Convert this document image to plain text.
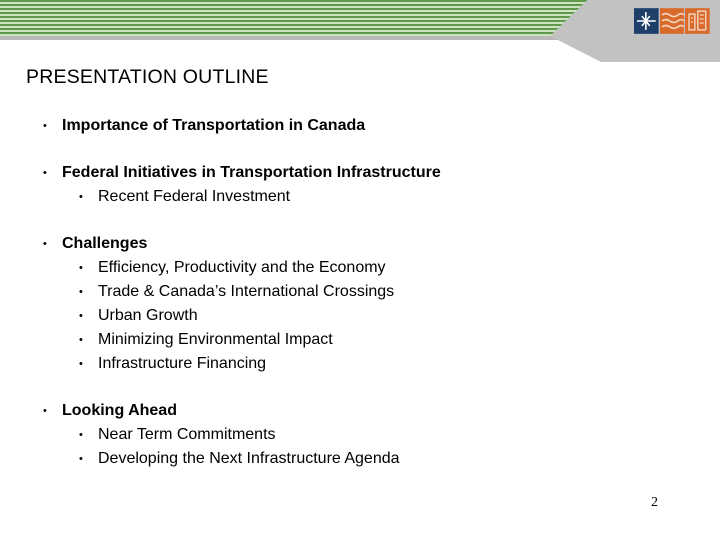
PRESENTATION OUTLINE
• Importance of Transportation in Canada
• Federal Initiatives in Transportation Infrastructure
• Recent Federal Investment
• Challenges
• Efficiency, Productivity and the Economy
• Trade & Canada’s International Crossings
• Urban Growth
• Minimizing Environmental Impact
• Infrastructure Financing
• Looking Ahead
• Near Term Commitments
• Developing the Next Infrastructure Agenda
2
